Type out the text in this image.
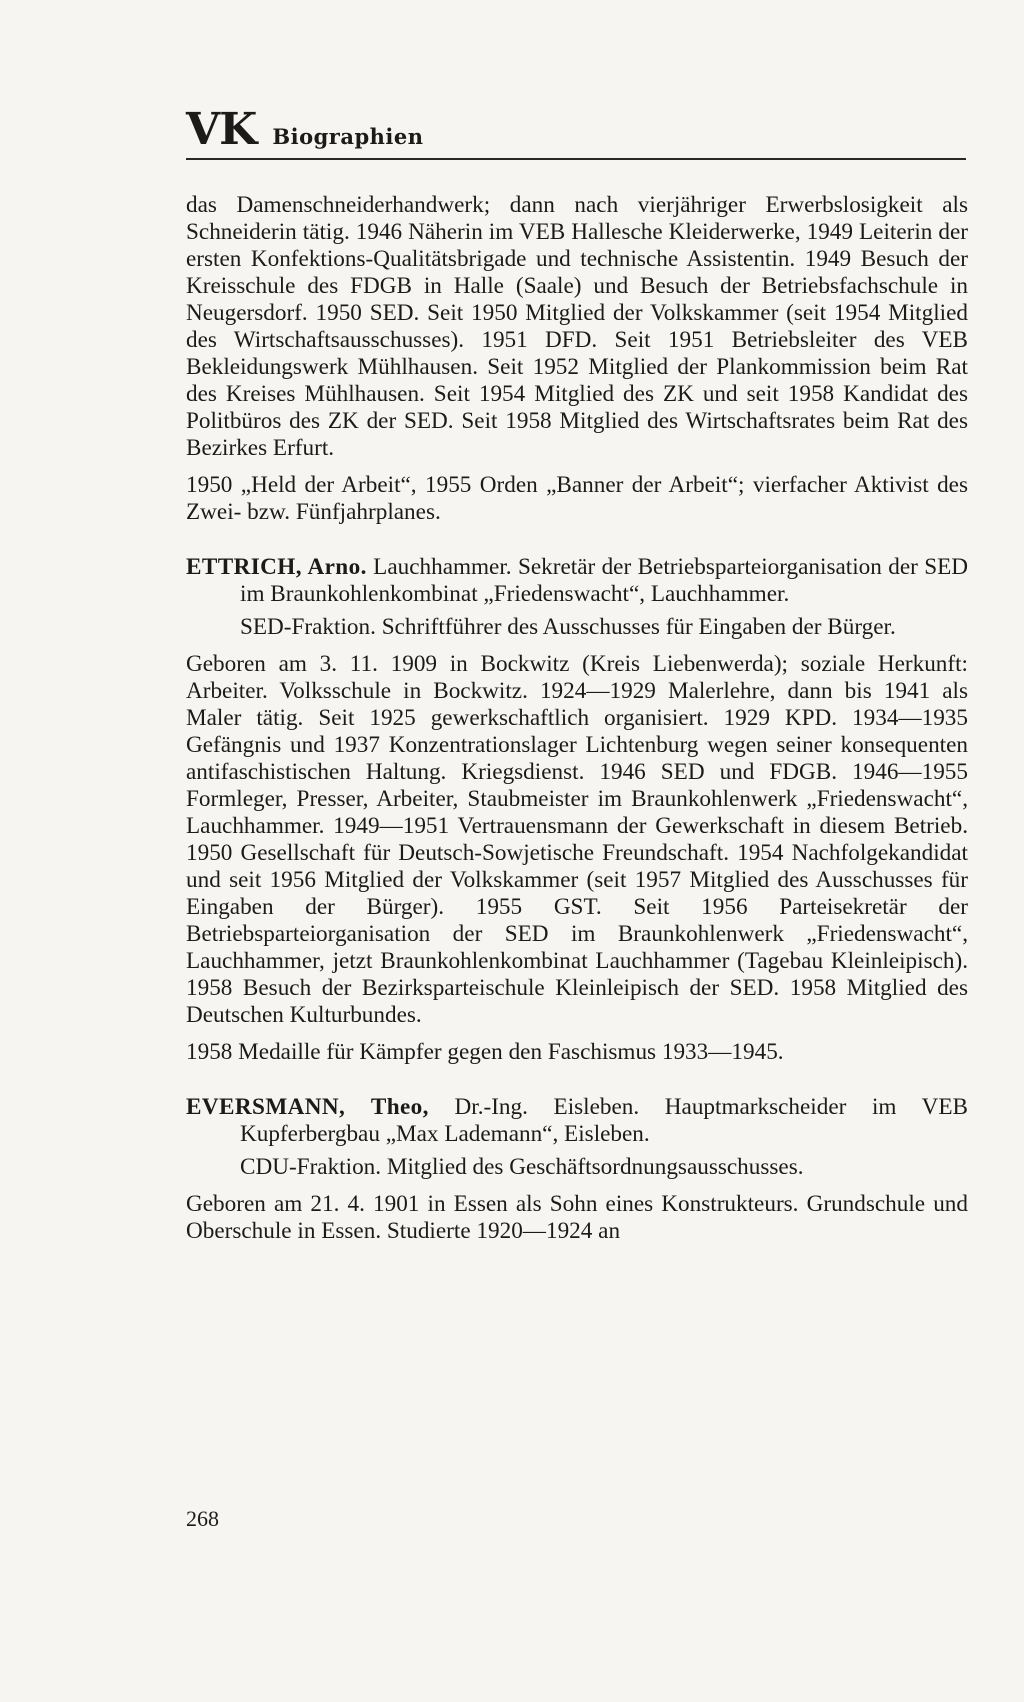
VK Biographien

das Damenschneiderhandwerk; dann nach vierjähriger Erwerbslosigkeit als Schneiderin tätig. 1946 Näherin im VEB Hallesche Kleiderwerke, 1949 Leiterin der ersten Konfektions-Qualitätsbrigade und technische Assistentin. 1949 Besuch der Kreisschule des FDGB in Halle (Saale) und Besuch der Betriebsfachschule in Neugersdorf. 1950 SED. Seit 1950 Mitglied der Volkskammer (seit 1954 Mitglied des Wirtschaftsausschusses). 1951 DFD. Seit 1951 Betriebsleiter des VEB Bekleidungswerk Mühlhausen. Seit 1952 Mitglied der Plankommission beim Rat des Kreises Mühlhausen. Seit 1954 Mitglied des ZK und seit 1958 Kandidat des Politbüros des ZK der SED. Seit 1958 Mitglied des Wirtschaftsrates beim Rat des Bezirkes Erfurt.

1950 „Held der Arbeit“, 1955 Orden „Banner der Arbeit“; vierfacher Aktivist des Zwei- bzw. Fünfjahrplanes.

ETTRICH, Arno. Lauchhammer. Sekretär der Betriebsparteiorganisation der SED im Braunkohlenkombinat „Friedenswacht“, Lauchhammer.

SED-Fraktion. Schriftführer des Ausschusses für Eingaben der Bürger.

Geboren am 3. 11. 1909 in Bockwitz (Kreis Liebenwerda); soziale Herkunft: Arbeiter. Volksschule in Bockwitz. 1924—1929 Malerlehre, dann bis 1941 als Maler tätig. Seit 1925 gewerkschaftlich organisiert. 1929 KPD. 1934—1935 Gefängnis und 1937 Konzentrationslager Lichtenburg wegen seiner konsequenten antifaschistischen Haltung. Kriegsdienst. 1946 SED und FDGB. 1946—1955 Formleger, Presser, Arbeiter, Staubmeister im Braunkohlenwerk „Friedenswacht“, Lauchhammer. 1949—1951 Vertrauensmann der Gewerkschaft in diesem Betrieb. 1950 Gesellschaft für Deutsch-Sowjetische Freundschaft. 1954 Nachfolgekandidat und seit 1956 Mitglied der Volkskammer (seit 1957 Mitglied des Ausschusses für Eingaben der Bürger). 1955 GST. Seit 1956 Parteisekretär der Betriebsparteiorganisation der SED im Braunkohlenwerk „Friedenswacht“, Lauchhammer, jetzt Braunkohlenkombinat Lauchhammer (Tagebau Kleinleipisch). 1958 Besuch der Bezirksparteischule Kleinleipisch der SED. 1958 Mitglied des Deutschen Kulturbundes.

1958 Medaille für Kämpfer gegen den Faschismus 1933—1945.

EVERSMANN, Theo, Dr.-Ing. Eisleben. Hauptmarkscheider im VEB Kupferbergbau „Max Lademann“, Eisleben.

CDU-Fraktion. Mitglied des Geschäftsordnungsausschusses.

Geboren am 21. 4. 1901 in Essen als Sohn eines Konstrukteurs. Grundschule und Oberschule in Essen. Studierte 1920—1924 an

268
